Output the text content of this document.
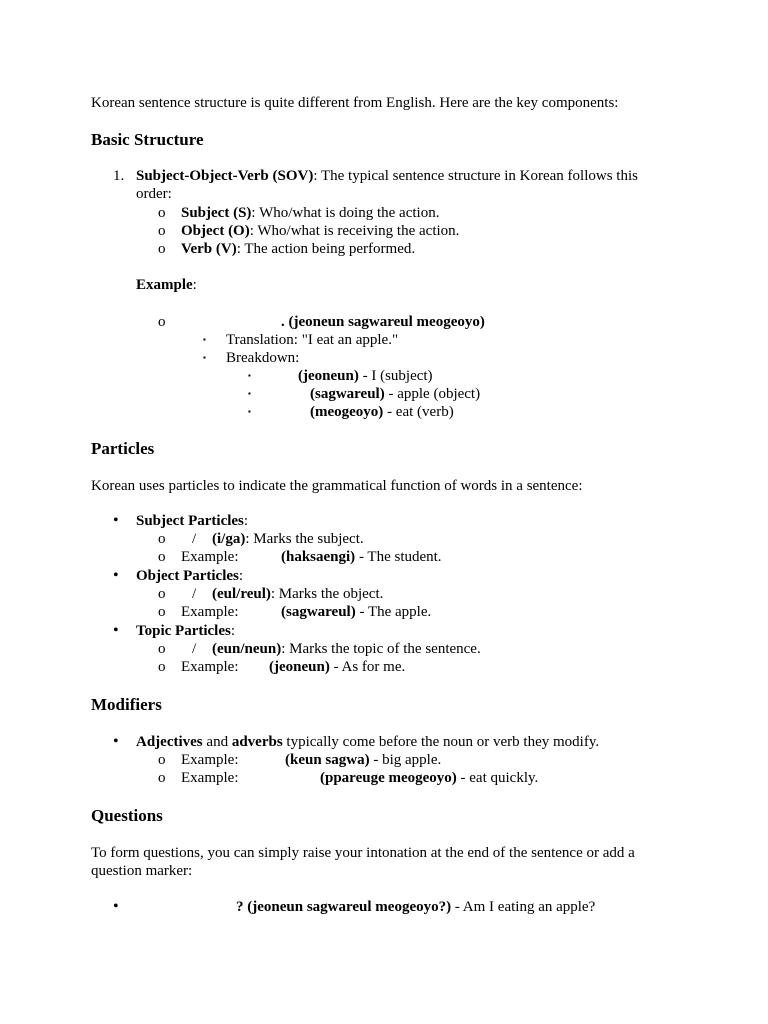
Korean sentence structure is quite different from English. Here are the key components:
Basic Structure
1. Subject-Object-Verb (SOV): The typical sentence structure in Korean follows this
order:
o Subject (S): Who/what is doing the action.
o Object (O): Who/what is receiving the action.
o Verb (V): The action being performed.
Example:
o	. (jeoneun sagwareul meogeoyo)
▪ Translation: "I eat an apple."
▪ Breakdown:
▪	(jeoneun) - I (subject)
▪	(sagwareul) - apple (object)
▪	(meogeoyo) - eat (verb)
Particles
Korean uses particles to indicate the grammatical function of words in a sentence:
• Subject Particles:
o / (i/ga): Marks the subject.
o Example:	(haksaengi) - The student.
• Object Particles:
o / (eul/reul): Marks the object.
o Example:	(sagwareul) - The apple.
• Topic Particles:
o / (eun/neun): Marks the topic of the sentence.
o Example: (jeoneun) - As for me.
Modifiers
• Adjectives and adverbs typically come before the noun or verb they modify.
o Example:	(keun sagwa) - big apple.
o Example:	(ppareuge meogeoyo) - eat quickly.
Questions
To form questions, you can simply raise your intonation at the end of the sentence or add a
question marker:
•	? (jeoneun sagwareul meogeoyo?) - Am I eating an apple?
